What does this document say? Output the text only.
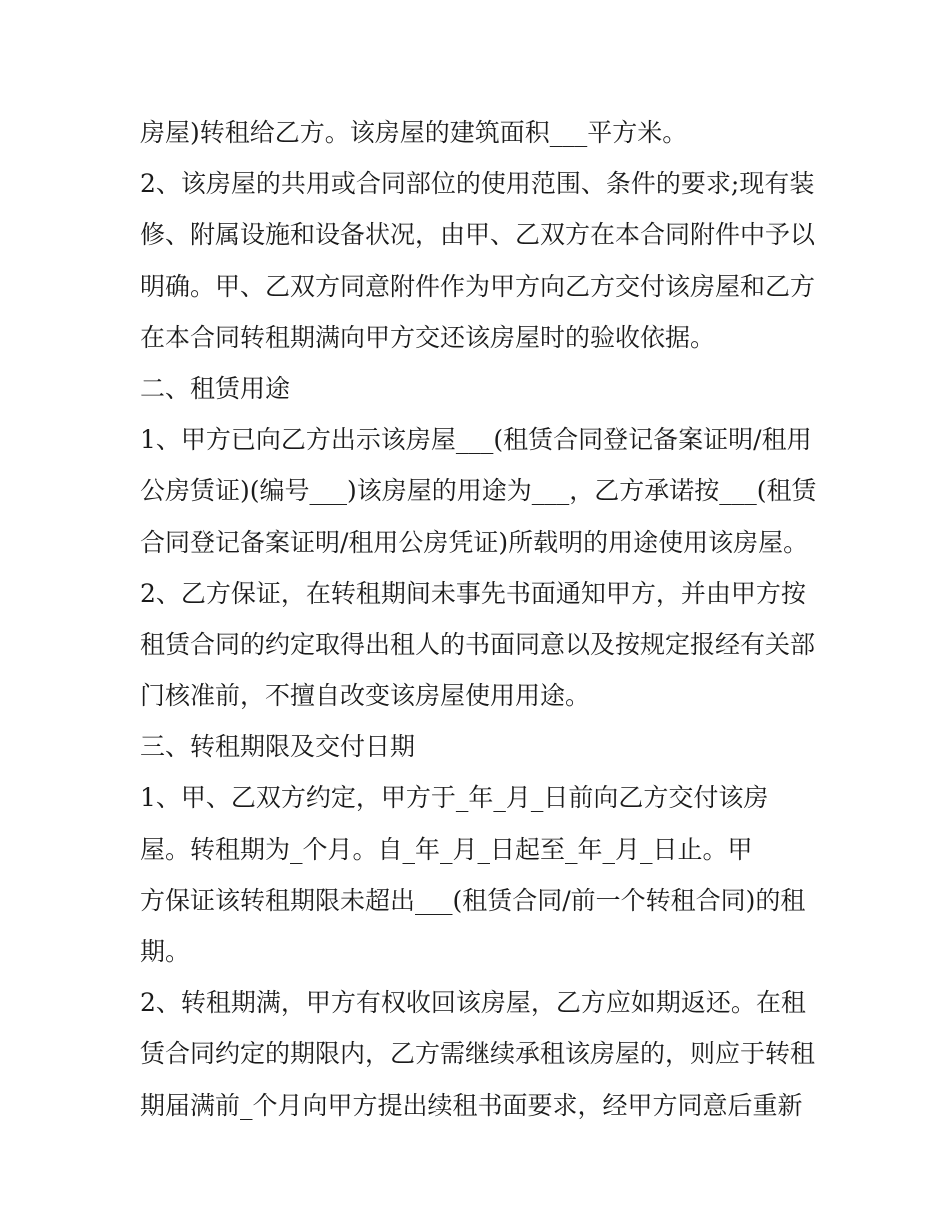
房屋)转租给乙方。该房屋的建筑面积___平方米。
2、该房屋的共用或合同部位的使用范围、条件的要求;现有装
修、附属设施和设备状况，由甲、乙双方在本合同附件中予以
明确。甲、乙双方同意附件作为甲方向乙方交付该房屋和乙方
在本合同转租期满向甲方交还该房屋时的验收依据。
二、租赁用途
1、甲方已向乙方出示该房屋___(租赁合同登记备案证明/租用
公房赁证)(编号___)该房屋的用途为___，乙方承诺按___(租赁
合同登记备案证明/租用公房凭证)所载明的用途使用该房屋。
2、乙方保证，在转租期间未事先书面通知甲方，并由甲方按
租赁合同的约定取得出租人的书面同意以及按规定报经有关部
门核准前，不擅自改变该房屋使用用途。
三、转租期限及交付日期
1、甲、乙双方约定，甲方于_年_月_日前向乙方交付该房
屋。转租期为_个月。自_年_月_日起至_年_月_日止。甲
方保证该转租期限未超出___(租赁合同/前一个转租合同)的租
期。
2、转租期满，甲方有权收回该房屋，乙方应如期返还。在租
赁合同约定的期限内，乙方需继续承租该房屋的，则应于转租
期届满前_个月向甲方提出续租书面要求，经甲方同意后重新
